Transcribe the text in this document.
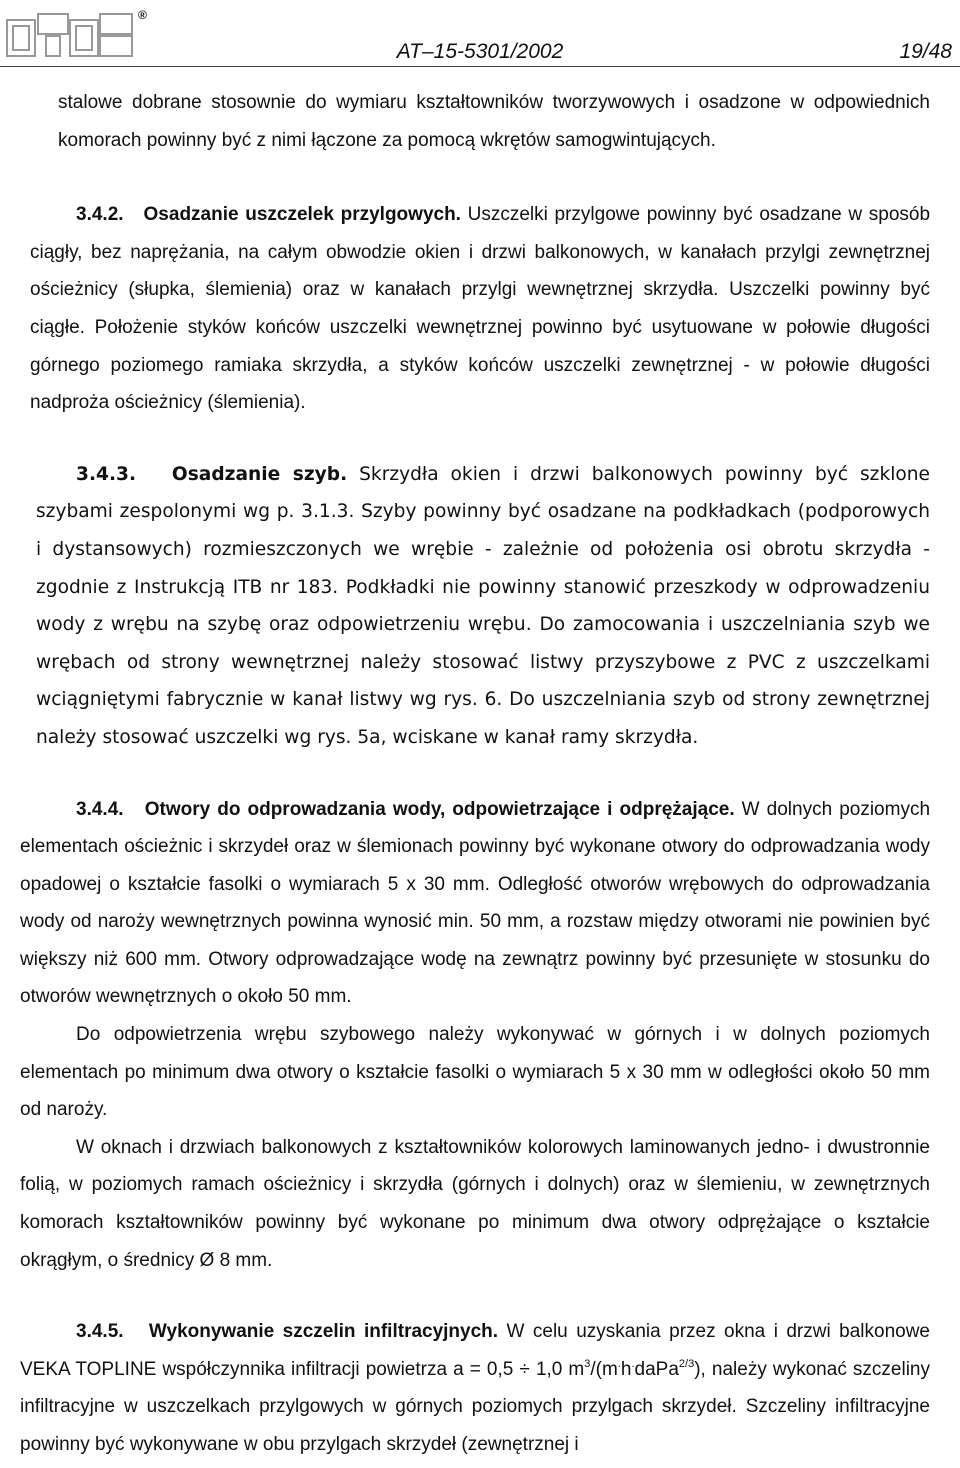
®
AT–15-5301/2002	19/48

stalowe dobrane stosownie do wymiaru kształtowników tworzywowych i osadzone w odpowiednich komorach powinny być z nimi łączone za pomocą wkrętów samogwintujących.

3.4.2. Osadzanie uszczelek przylgowych. Uszczelki przylgowe powinny być osadzane w sposób ciągły, bez naprężania, na całym obwodzie okien i drzwi balkonowych, w kanałach przylgi zewnętrznej ościeżnicy (słupka, ślemienia) oraz w kanałach przylgi wewnętrznej skrzydła. Uszczelki powinny być ciągłe. Położenie styków końców uszczelki wewnętrznej powinno być usytuowane w połowie długości górnego poziomego ramiaka skrzydła, a styków końców uszczelki zewnętrznej - w połowie długości nadproża ościeżnicy (ślemienia).

3.4.3. Osadzanie szyb. Skrzydła okien i drzwi balkonowych powinny być szklone szybami zespolonymi wg p. 3.1.3. Szyby powinny być osadzane na podkładkach (podporowych i dystansowych) rozmieszczonych we wrębie - zależnie od położenia osi obrotu skrzydła - zgodnie z Instrukcją ITB nr 183. Podkładki nie powinny stanowić przeszkody w odprowadzeniu wody z wrębu na szybę oraz odpowietrzeniu wrębu. Do zamocowania i uszczelniania szyb we wrębach od strony wewnętrznej należy stosować listwy przyszybowe z PVC z uszczelkami wciągniętymi fabrycznie w kanał listwy wg rys. 6. Do uszczelniania szyb od strony zewnętrznej należy stosować uszczelki wg rys. 5a, wciskane w kanał ramy skrzydła.

3.4.4. Otwory do odprowadzania wody, odpowietrzające i odprężające. W dolnych poziomych elementach ościeżnic i skrzydeł oraz w ślemionach powinny być wykonane otwory do odprowadzania wody opadowej o kształcie fasolki o wymiarach 5 x 30 mm. Odległość otworów wrębowych do odprowadzania wody od naroży wewnętrznych powinna wynosić min. 50 mm, a rozstaw między otworami nie powinien być większy niż 600 mm. Otwory odprowadzające wodę na zewnątrz powinny być przesunięte w stosunku do otworów wewnętrznych o około 50 mm.

Do odpowietrzenia wrębu szybowego należy wykonywać w górnych i w dolnych poziomych elementach po minimum dwa otwory o kształcie fasolki o wymiarach 5 x 30 mm w odległości około 50 mm od naroży.

W oknach i drzwiach balkonowych z kształtowników kolorowych laminowanych jedno- i dwustronnie folią, w poziomych ramach ościeżnicy i skrzydła (górnych i dolnych) oraz w ślemieniu, w zewnętrznych komorach kształtowników powinny być wykonane po minimum dwa otwory odprężające o kształcie okrągłym, o średnicy Ø 8 mm.

3.4.5. Wykonywanie szczelin infiltracyjnych. W celu uzyskania przez okna i drzwi balkonowe VEKA TOPLINE współczynnika infiltracji powietrza a = 0,5 ÷ 1,0 $m^3/(m^.h^.daPa^{2/3})$, należy wykonać szczeliny infiltracyjne w uszczelkach przylgowych w górnych poziomych przylgach skrzydeł. Szczeliny infiltracyjne powinny być wykonywane w obu przylgach skrzydeł (zewnętrznej i
